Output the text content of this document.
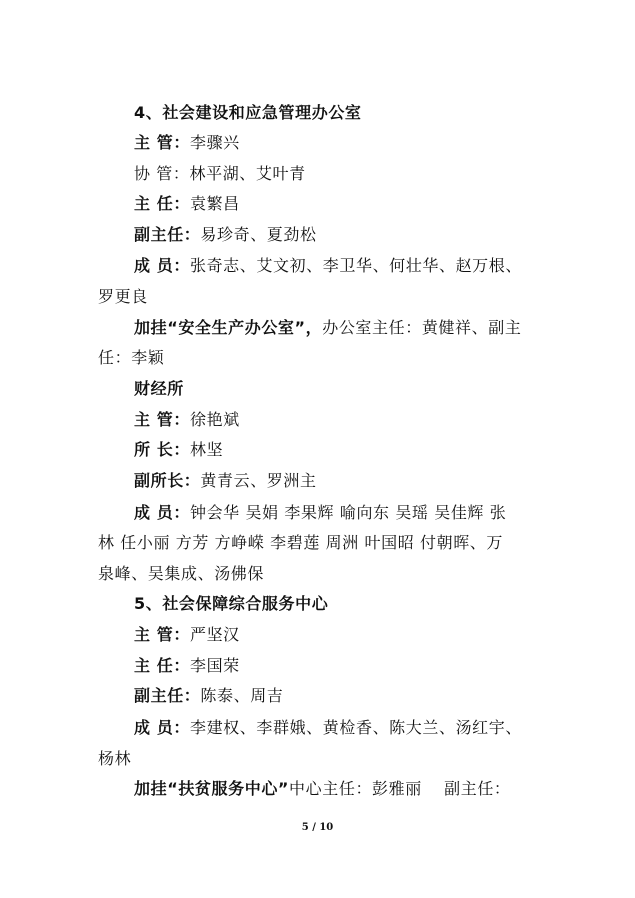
4、社会建设和应急管理办公室
主 管：李骤兴
协 管：林平湖、艾叶青
主 任：袁繁昌
副主任：易珍奇、夏劲松
成 员：张奇志、艾文初、李卫华、何壮华、赵万根、
罗更良
加挂“安全生产办公室”，办公室主任：黄健祥、副主
任：李颖
财经所
主 管：徐艳斌
所 长：林坚
副所长：黄青云、罗洲主
成 员：钟会华 吴娟 李果辉 喻向东 吴瑶 吴佳辉 张
林 任小丽 方芳 方峥嵘 李碧莲 周洲 叶国昭 付朝晖、万
泉峰、吴集成、汤佛保
5、社会保障综合服务中心
主 管：严坚汉
主 任：李国荣
副主任：陈泰、周吉
成 员：李建权、李群娥、黄检香、陈大兰、汤红宇、
杨林
加挂“扶贫服务中心”中心主任：彭雅丽　 副主任：
5 / 10
